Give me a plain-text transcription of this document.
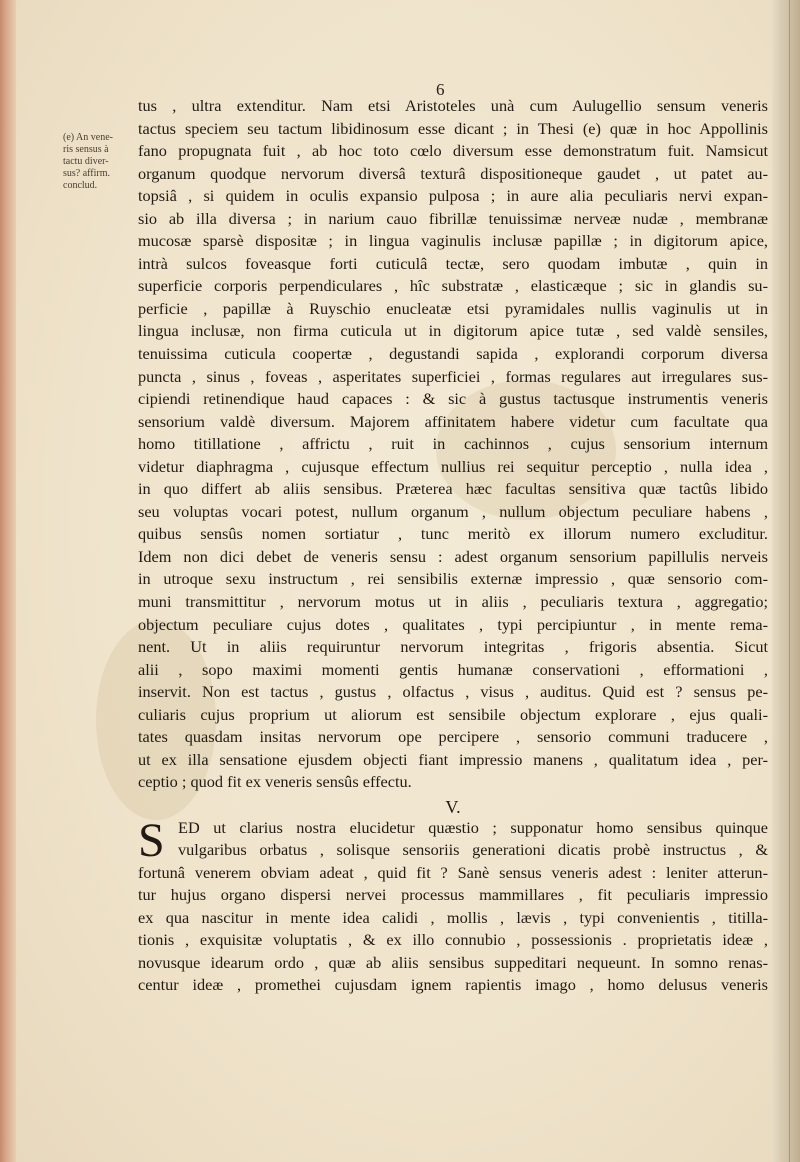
6
(e) An vene-
ris sensus à
tactu diver-
sus? affirm.
conclud.
tus , ultra extenditur. Nam etsi Aristoteles unà cum Aulugellio sensum veneris
tactus speciem seu tactum libidinosum esse dicant ; in Thesi (e) quæ in hoc Appollinis
fano propugnata fuit , ab hoc toto cœlo diversum esse demonstratum fuit. Namsicut
organum quodque nervorum diversâ texturâ dispositioneque gaudet , ut patet au-
topsiâ , si quidem in oculis expansio pulposa ; in aure alia peculiaris nervi expan-
sio ab illa diversa ; in narium cauo fibrillæ tenuissimæ nerveæ nudæ , membranæ
mucosæ sparsè dispositæ ; in lingua vaginulis inclusæ papillæ ; in digitorum apice,
intrà sulcos foveasque forti cuticulâ tectæ, sero quodam imbutæ , quin in
superficie corporis perpendiculares , hîc substratæ , elasticæque ; sic in glandis su-
perficie , papillæ à Ruyschio enucleatæ etsi pyramidales nullis vaginulis ut in
lingua inclusæ, non firma cuticula ut in digitorum apice tutæ , sed valdè sensiles,
tenuissima cuticula coopertæ , degustandi sapida , explorandi corporum diversa
puncta , sinus , foveas , asperitates superficiei , formas regulares aut irregulares sus-
cipiendi retinendique haud capaces : & sic à gustus tactusque instrumentis veneris
sensorium valdè diversum. Majorem affinitatem habere videtur cum facultate qua
homo titillatione , affrictu , ruit in cachinnos , cujus sensorium internum
videtur diaphragma , cujusque effectum nullius rei sequitur perceptio , nulla idea ,
in quo differt ab aliis sensibus. Præterea hæc facultas sensitiva quæ tactûs libido
seu voluptas vocari potest, nullum organum , nullum objectum peculiare habens ,
quibus sensûs nomen sortiatur , tunc meritò ex illorum numero excluditur.
Idem non dici debet de veneris sensu : adest organum sensorium papillulis nerveis
in utroque sexu instructum , rei sensibilis externæ impressio , quæ sensorio com-
muni transmittitur , nervorum motus ut in aliis , peculiaris textura , aggregatio;
objectum peculiare cujus dotes , qualitates , typi percipiuntur , in mente rema-
nent. Ut in aliis requiruntur nervorum integritas , frigoris absentia. Sicut
alii , sopo maximi momenti gentis humanæ conservationi , efformationi ,
inservit. Non est tactus , gustus , olfactus , visus , auditus. Quid est ? sensus pe-
culiaris cujus proprium ut aliorum est sensibile objectum explorare , ejus quali-
tates quasdam insitas nervorum ope percipere , sensorio communi traducere ,
ut ex illa sensatione ejusdem objecti fiant impressio manens , qualitatum idea , per-
ceptio ; quod fit ex veneris sensûs effectu.
V.
ED ut clarius nostra elucidetur quæstio ; supponatur homo sensibus quinque
vulgaribus orbatus , solisque sensoriis generationi dicatis probè instructus , &
fortunâ venerem obviam adeat , quid fit ? Sanè sensus veneris adest : leniter atterun-
tur hujus organo dispersi nervei processus mammillares , fit peculiaris impressio
ex qua nascitur in mente idea calidi , mollis , lævis , typi convenientis , titilla-
tionis , exquisitæ voluptatis , & ex illo connubio , possessionis . proprietatis ideæ ,
novusque idearum ordo , quæ ab aliis sensibus suppeditari nequeunt. In somno renas-
centur ideæ , promethei cujusdam ignem rapientis imago , homo delusus veneris
S
